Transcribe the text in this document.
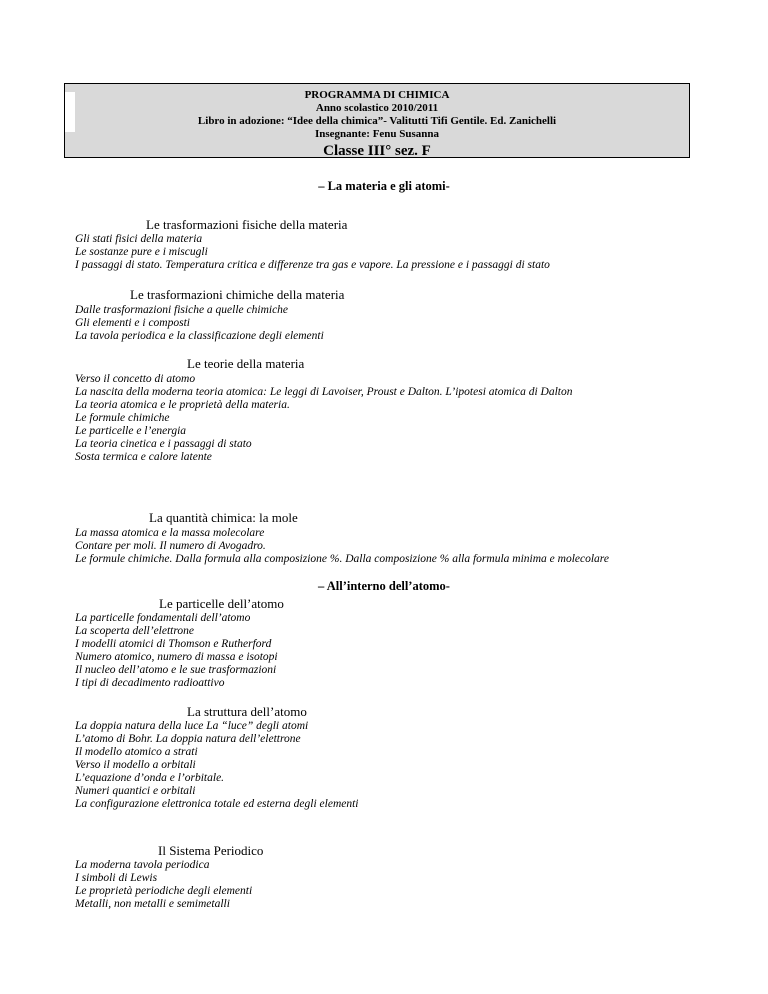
PROGRAMMA DI CHIMICA
Anno scolastico 2010/2011
Libro in adozione: “Idee della chimica”- Valitutti Tifi Gentile. Ed. Zanichelli
Insegnante: Fenu Susanna
Classe III° sez. F
– La materia e gli atomi-
Le trasformazioni fisiche della materia
Gli stati fisici della materia
Le sostanze pure e i miscugli
I passaggi di stato. Temperatura critica e differenze tra gas e vapore. La pressione e i passaggi di stato
Le trasformazioni chimiche della materia
Dalle trasformazioni fisiche a quelle chimiche
Gli elementi e i composti
La tavola periodica e la classificazione degli elementi
Le teorie della materia
Verso il concetto di atomo
La nascita della moderna teoria atomica: Le leggi di Lavoiser, Proust e Dalton. L’ipotesi atomica di Dalton
La teoria atomica e le proprietà della materia.
Le formule chimiche
Le particelle e l’energia
La teoria cinetica e i passaggi di stato
Sosta termica e calore latente
La quantità chimica: la mole
La massa atomica e la massa molecolare
Contare per moli. Il numero di Avogadro.
Le formule chimiche. Dalla formula alla composizione %. Dalla composizione % alla formula minima e molecolare
– All’interno dell’atomo-
Le particelle dell’atomo
La particelle fondamentali dell’atomo
La scoperta dell’elettrone
I modelli atomici di Thomson e Rutherford
Numero atomico, numero di massa e isotopi
Il nucleo dell’atomo e le sue trasformazioni
I tipi di decadimento radioattivo
La struttura dell’atomo
La doppia natura della luce La “luce” degli atomi
L’atomo di Bohr. La doppia natura dell’elettrone
Il modello atomico a strati
Verso il modello a orbitali
L’equazione d’onda e l’orbitale.
Numeri quantici e orbitali
La configurazione elettronica totale ed esterna degli elementi
Il Sistema Periodico
La moderna tavola periodica
I simboli di Lewis
Le proprietà periodiche degli elementi
Metalli, non metalli e semimetalli
